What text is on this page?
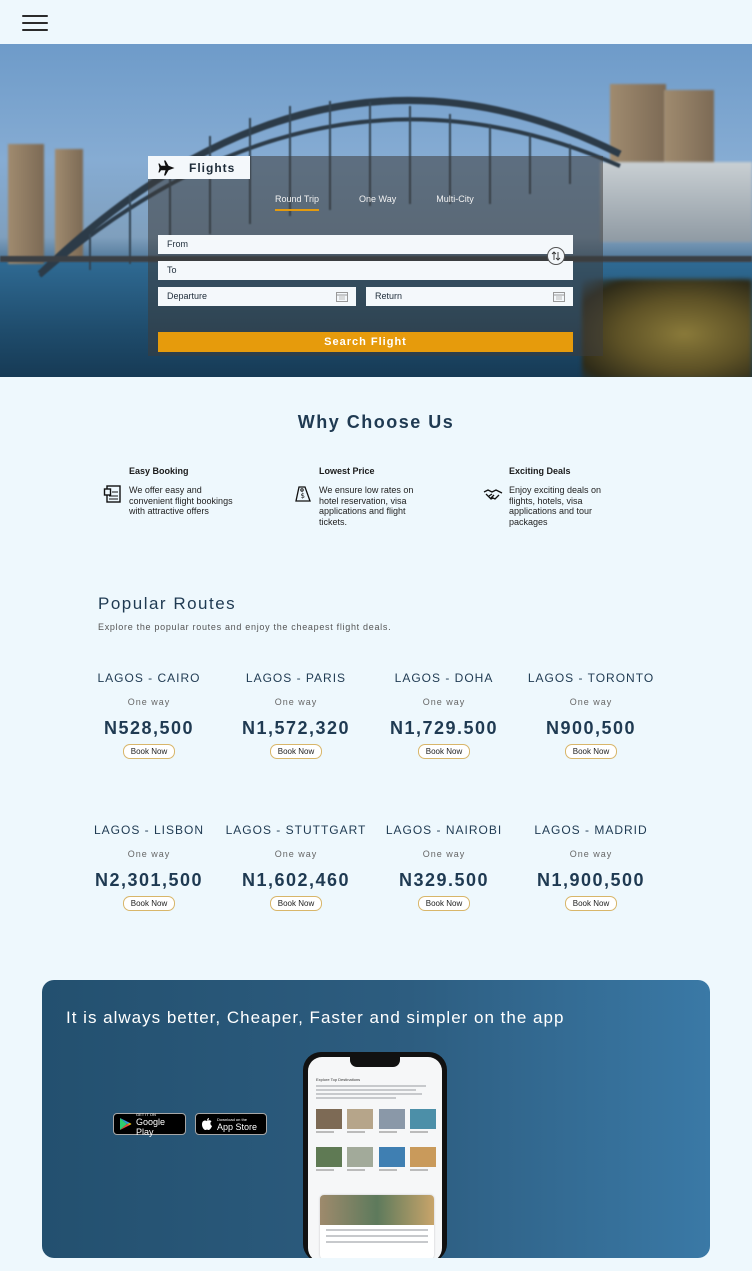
Flights
Round Trip	One Way	Multi-City
From
To
Departure
Return
Search Flight
Why Choose Us
Easy Booking
We offer easy and convenient flight bookings with attractive offers
Lowest Price
$
We ensure low rates on hotel reservation, visa applications and flight tickets.
Exciting Deals
Enjoy exciting deals on flights, hotels, visa applications and tour packages
Popular Routes
Explore the popular routes and enjoy the cheapest flight deals.
LAGOS - CAIRO
One way
N528,500
Book Now
LAGOS - PARIS
One way
N1,572,320
Book Now
LAGOS - DOHA
One way
N1,729.500
Book Now
LAGOS - TORONTO
One way
N900,500
Book Now
LAGOS - LISBON
One way
N2,301,500
Book Now
LAGOS - STUTTGART
One way
N1,602,460
Book Now
LAGOS - NAIROBI
One way
N329.500
Book Now
LAGOS - MADRID
One way
N1,900,500
Book Now
It is always better, Cheaper, Faster and simpler on the app
GET IT ON
Google Play
Download on the
App Store
Explore Top Destinations
